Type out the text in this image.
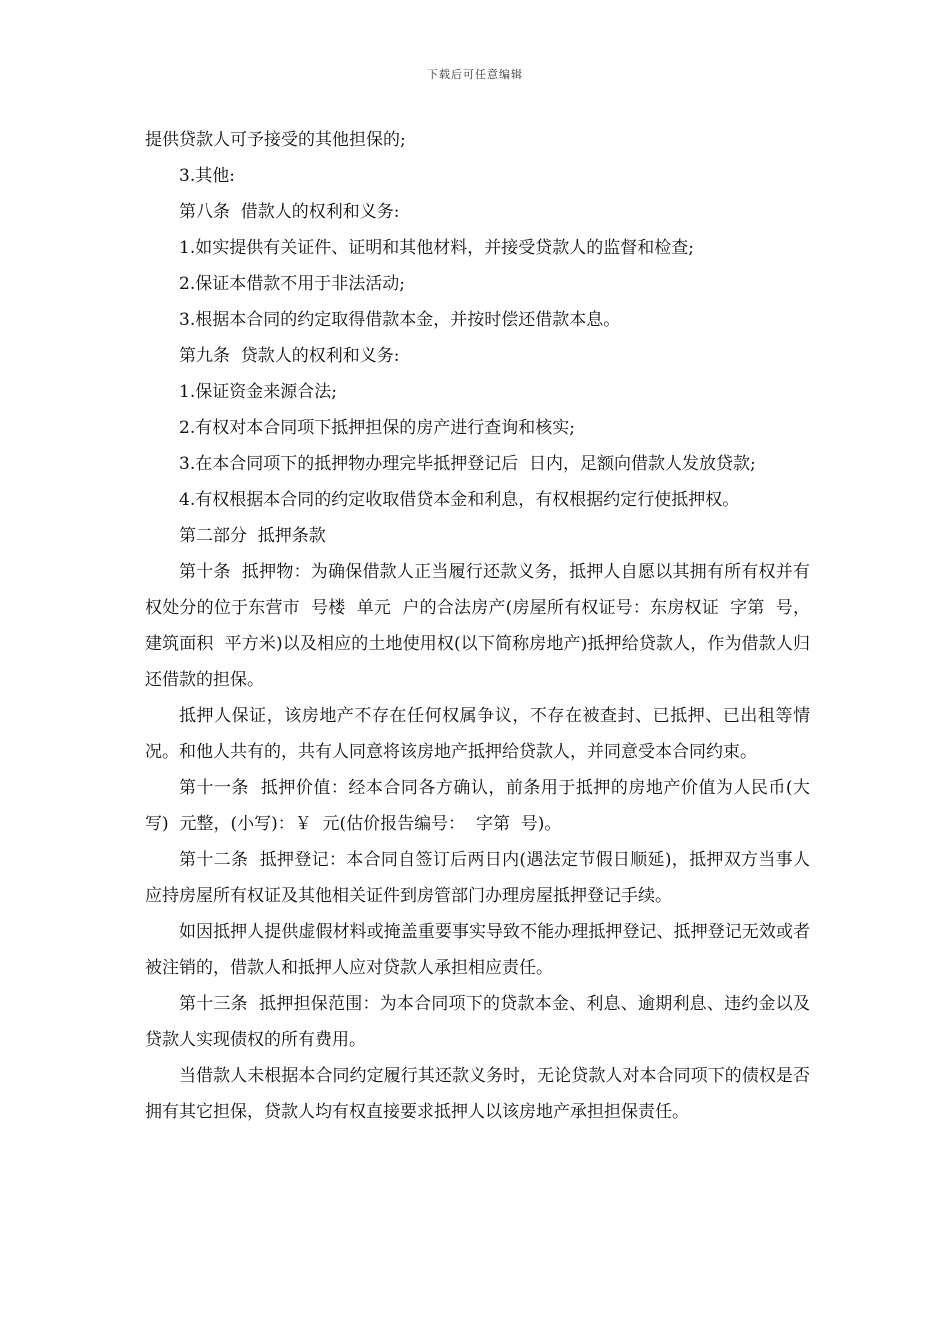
下载后可任意编辑

提供贷款人可予接受的其他担保的;

3.其他:

第八条  借款人的权利和义务:

1.如实提供有关证件、证明和其他材料，并接受贷款人的监督和检查;

2.保证本借款不用于非法活动;

3.根据本合同的约定取得借款本金，并按时偿还借款本息。

第九条  贷款人的权利和义务:

1.保证资金来源合法;

2.有权对本合同项下抵押担保的房产进行查询和核实;

3.在本合同项下的抵押物办理完毕抵押登记后  日内，足额向借款人发放贷款;

4.有权根据本合同的约定收取借贷本金和利息，有权根据约定行使抵押权。

第二部分  抵押条款

第十条  抵押物：为确保借款人正当履行还款义务，抵押人自愿以其拥有所有权并有权处分的位于东营市  号楼  单元  户的合法房产(房屋所有权证号：东房权证  字第  号，建筑面积  平方米)以及相应的土地使用权(以下简称房地产)抵押给贷款人，作为借款人归还借款的担保。

抵押人保证，该房地产不存在任何权属争议，不存在被查封、已抵押、已出租等情况。和他人共有的，共有人同意将该房地产抵押给贷款人，并同意受本合同约束。

第十一条  抵押价值：经本合同各方确认，前条用于抵押的房地产价值为人民币(大写)  元整，(小写)：￥  元(估价报告编号：  字第  号)。

第十二条  抵押登记：本合同自签订后两日内(遇法定节假日顺延)，抵押双方当事人应持房屋所有权证及其他相关证件到房管部门办理房屋抵押登记手续。

如因抵押人提供虚假材料或掩盖重要事实导致不能办理抵押登记、抵押登记无效或者被注销的，借款人和抵押人应对贷款人承担相应责任。

第十三条  抵押担保范围：为本合同项下的贷款本金、利息、逾期利息、违约金以及贷款人实现债权的所有费用。

当借款人未根据本合同约定履行其还款义务时，无论贷款人对本合同项下的债权是否拥有其它担保，贷款人均有权直接要求抵押人以该房地产承担担保责任。
